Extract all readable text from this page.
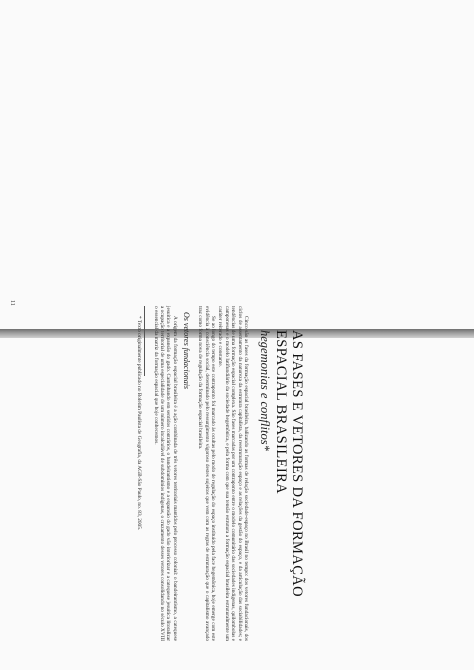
AS FASES E VETORES DA FORMAÇÃO ESPACIAL BRASILEIRA
hegemonias e conflitos*

Cinco são as fases da formação espacial brasileira, balizando as formas de relação sociedade-espaço no Brasil no tempo: dos vetores fundacionais, dos ciclos de assentamento da natureza da estrutura capitalista, da reestruturação espaço e as relações da gestão do espaço, e da articulação das sociabilidades; e tendências de uma formação espacial complexa. São fases marcadas por um contraponto entre o modelo comunitário das sociedades indígenas, quilombolas e camponesas e o modelo latifundiário da sociedade hegemônica, e pela forma com que sua tensão estrutura a formação espacial brasileira estruturalmente um caráter reiterado e constante.

Se ao longo do tempo este contraponto foi marcado às ocultas pelo modo de regulação do espaço instituído pela face hegemônica, hoje emerge com este evidência à consciência social, determinado pelo ressurgimento vigoroso destes sujeitos que vem com as regras de estruturação que o capitalismo avançado traz como forma nova de regulação da formação espacial brasileira.

Os vetores fundacionais

A origem da formação espacial brasileira é a ação combinada de três vetores territoriais mantidos pelo processo colonial: o bandeirantismo, a catequese jesuítica e a expansão do gado. Caminhando em sentidos contrários, o bandeirantismo e a expansão do gado vão interiorizar e a catequese jesuítica litoralizar a ocupação territorial de uma especialidade de um número incalculável de subdomínios indígenas, o cruzamento desses vetores consolidando no século XVIII o essencial da matriz da formação espacial que hoje conhecemos.

* Texto originalmente publicado no Boletim Paulista de Geografia, da AGB-São Paulo, no. 83, 2005.

11
